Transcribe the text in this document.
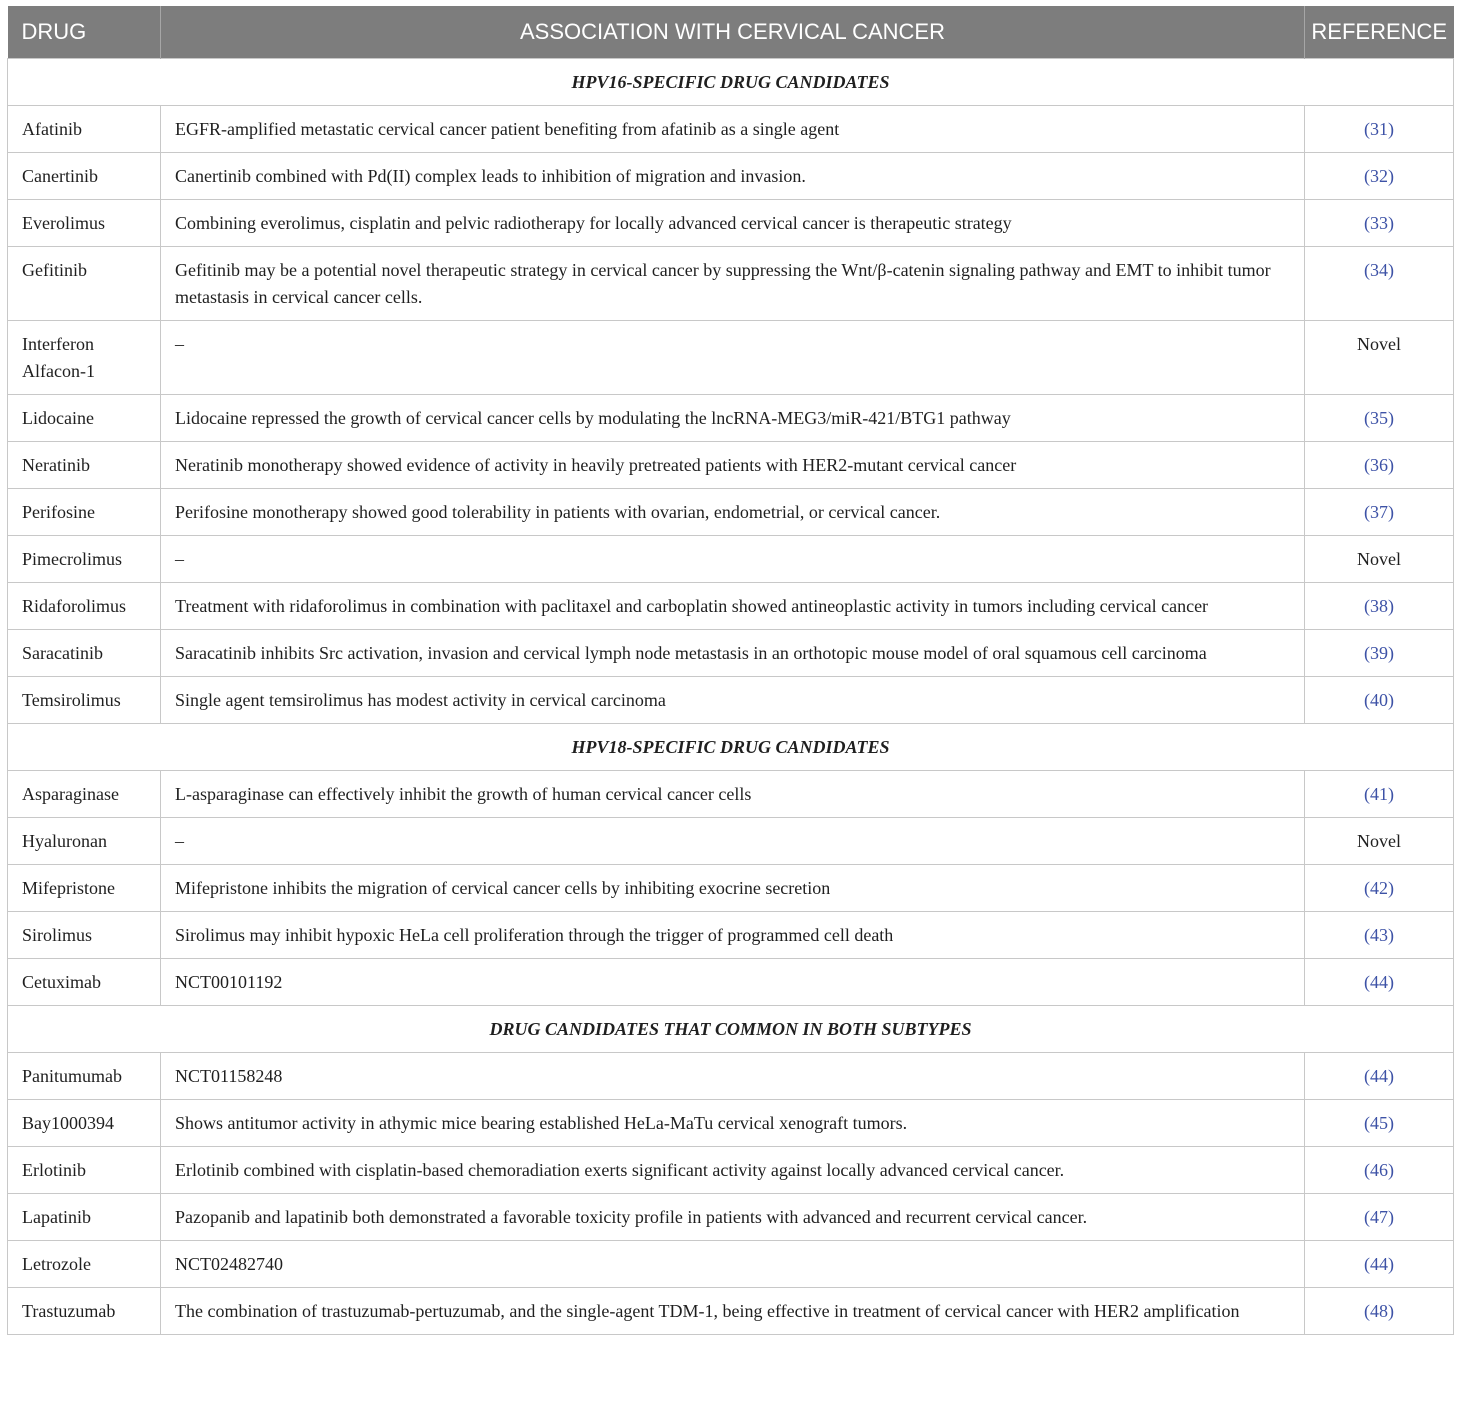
DRUG	ASSOCIATION WITH CERVICAL CANCER	REFERENCE
HPV16-SPECIFIC DRUG CANDIDATES		
Afatinib	EGFR-amplified metastatic cervical cancer patient benefiting from afatinib as a single agent	(31)
Canertinib	Canertinib combined with Pd(II) complex leads to inhibition of migration and invasion.	(32)
Everolimus	Combining everolimus, cisplatin and pelvic radiotherapy for locally advanced cervical cancer is therapeutic strategy	(33)
Gefitinib	Gefitinib may be a potential novel therapeutic strategy in cervical cancer by suppressing the Wnt/β-catenin signaling pathway and EMT to inhibit tumor metastasis in cervical cancer cells.	(34)
Interferon Alfacon-1	–	Novel
Lidocaine	Lidocaine repressed the growth of cervical cancer cells by modulating the lncRNA-MEG3/miR-421/BTG1 pathway	(35)
Neratinib	Neratinib monotherapy showed evidence of activity in heavily pretreated patients with HER2-mutant cervical cancer	(36)
Perifosine	Perifosine monotherapy showed good tolerability in patients with ovarian, endometrial, or cervical cancer.	(37)
Pimecrolimus	–	Novel
Ridaforolimus	Treatment with ridaforolimus in combination with paclitaxel and carboplatin showed antineoplastic activity in tumors including cervical cancer	(38)
Saracatinib	Saracatinib inhibits Src activation, invasion and cervical lymph node metastasis in an orthotopic mouse model of oral squamous cell carcinoma	(39)
Temsirolimus	Single agent temsirolimus has modest activity in cervical carcinoma	(40)
HPV18-SPECIFIC DRUG CANDIDATES		
Asparaginase	L-asparaginase can effectively inhibit the growth of human cervical cancer cells	(41)
Hyaluronan	–	Novel
Mifepristone	Mifepristone inhibits the migration of cervical cancer cells by inhibiting exocrine secretion	(42)
Sirolimus	Sirolimus may inhibit hypoxic HeLa cell proliferation through the trigger of programmed cell death	(43)
Cetuximab	NCT00101192	(44)
DRUG CANDIDATES THAT COMMON IN BOTH SUBTYPES		
Panitumumab	NCT01158248	(44)
Bay1000394	Shows antitumor activity in athymic mice bearing established HeLa-MaTu cervical xenograft tumors.	(45)
Erlotinib	Erlotinib combined with cisplatin-based chemoradiation exerts significant activity against locally advanced cervical cancer.	(46)
Lapatinib	Pazopanib and lapatinib both demonstrated a favorable toxicity profile in patients with advanced and recurrent cervical cancer.	(47)
Letrozole	NCT02482740	(44)
Trastuzumab	The combination of trastuzumab-pertuzumab, and the single-agent TDM-1, being effective in treatment of cervical cancer with HER2 amplification	(48)
